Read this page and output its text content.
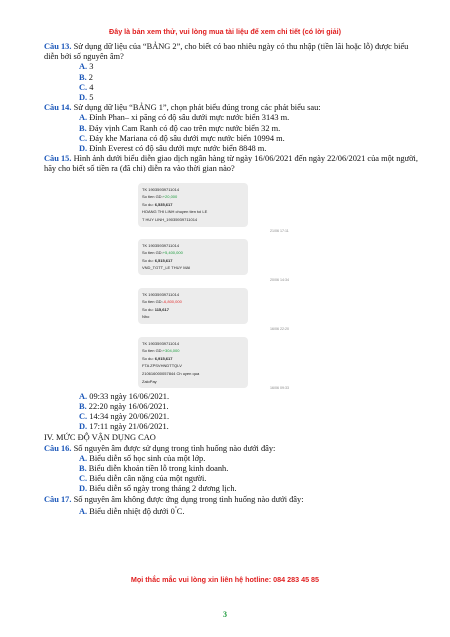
Đây là bản xem thử, vui lòng mua tài liệu để xem chi tiết (có lời giải)

Câu 13. Sử dụng dữ liệu của “BẢNG 2”, cho biết có bao nhiêu ngày có thu nhập (tiền lãi hoặc lỗ) được biểu diễn bởi số nguyên âm?

A. 3

B. 2

C. 4

D. 5

Câu 14. Sử dụng dữ liệu “BẢNG 1”, chọn phát biểu đúng trong các phát biểu sau:

A. Đỉnh Phan– xi păng có độ sâu dưới mực nước biển 3143 m.

B. Đáy vịnh Cam Ranh có độ cao trên mực nước biển 32 m.

C. Đáy khe Mariana có độ sâu dưới mực nước biển 10994 m.

D. Đỉnh Everest có độ sâu dưới mực nước biển 8848 m.

Câu 15. Hình ảnh dưới biểu diễn giao dịch ngân hàng từ ngày 16/06/2021 đến ngày 22/06/2021 của một người, hãy cho biết số tiền ra (đã chi) diễn ra vào thời gian nào?

TK 19035939711014
So tien GD:+20,000
So du: 6,535,617
HOANG THI LINH chuyen tien toi LE
T HUY LINH_19035939711014
21/06 17:11
TK 19035939711014
So tien GD:+5,400,000
So du: 6,515,617
VND_TGTT_LE THUY MAI
20/06 14:34
TK 19035939711014
So tien GD:-6,800,000
So du: 115,617
Nho
16/06 22:20
TK 19035939711014
So tien GD:+304,000
So du: 6,915,617
FTA ZPSVHNDTTQLV
210616000057844 Ch uyen qua
ZaloPay
16/06 09:33

A. 09:33 ngày 16/06/2021.

B. 22:20 ngày 16/06/2021.

C. 14:34 ngày 20/06/2021.

D. 17:11 ngày 21/06/2021.

IV. MỨC ĐỘ VẬN DỤNG CAO

Câu 16. Số nguyên âm được sử dụng trong tình huống nào dưới đây:

A. Biểu diễn số học sinh của một lớp.

B. Biểu diễn khoản tiền lỗ trong kinh doanh.

C. Biểu diễn cân nặng của một người.

D. Biểu diễn số ngày trong tháng 2 dương lịch.

Câu 17. Số nguyên âm không được ứng dụng trong tình huống nào dưới đây:

A. Biểu diễn nhiệt độ dưới 0°C.

Mọi thắc mắc vui lòng xin liên hệ hotline: 084 283 45 85
3
